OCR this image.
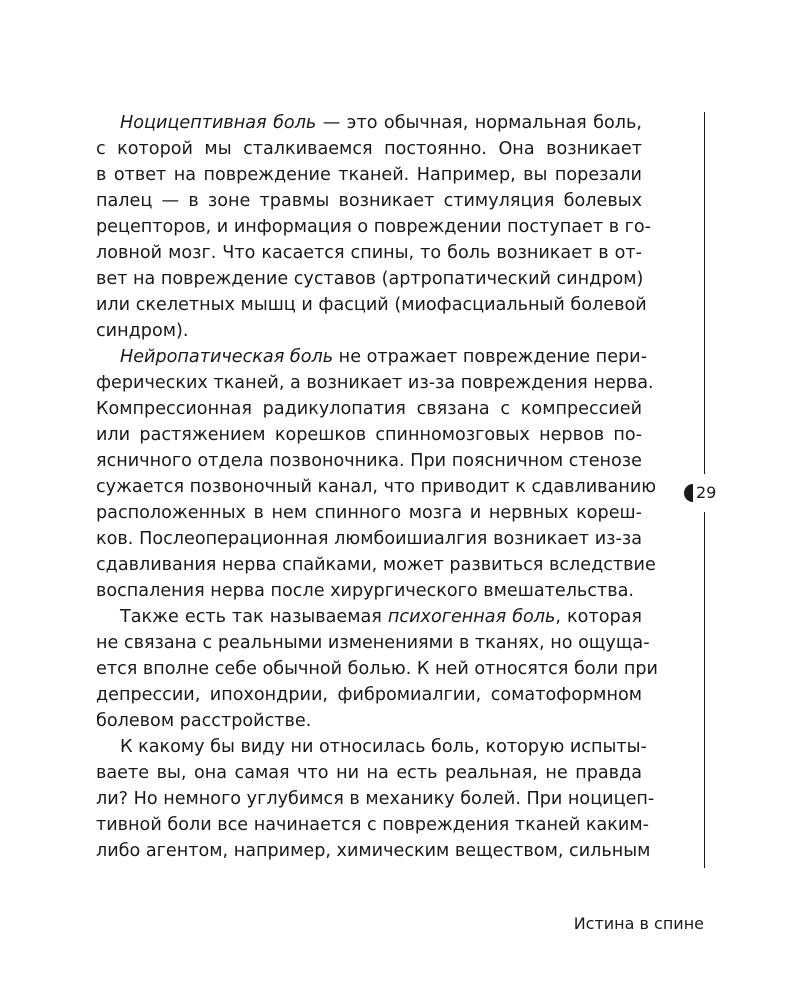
Ноцицептивная боль — это обычная, нормальная боль,
с которой мы сталкиваемся постоянно. Она возникает
в ответ на повреждение тканей. Например, вы порезали
палец — в зоне травмы возникает стимуляция болевых
рецепторов, и информация о повреждении поступает в го-
ловной мозг. Что касается спины, то боль возникает в от-
вет на повреждение суставов (артропатический синдром)
или скелетных мышц и фасций (миофасциальный болевой
синдром).
Нейропатическая боль не отражает повреждение пери-
ферических тканей, а возникает из-за повреждения нерва.
Компрессионная радикулопатия связана с компрессией
или растяжением корешков спинномозговых нервов по-
ясничного отдела позвоночника. При поясничном стенозе
сужается позвоночный канал, что приводит к сдавливанию
расположенных в нем спинного мозга и нервных кореш-
ков. Послеоперационная люмбоишиалгия возникает из-за
сдавливания нерва спайками, может развиться вследствие
воспаления нерва после хирургического вмешательства.
Также есть так называемая психогенная боль, которая
не связана с реальными изменениями в тканях, но ощуща-
ется вполне себе обычной болью. К ней относятся боли при
депрессии, ипохондрии, фибромиалгии, соматоформном
болевом расстройстве.
К какому бы виду ни относилась боль, которую испыты-
ваете вы, она самая что ни на есть реальная, не правда
ли? Но немного углубимся в механику болей. При ноцицеп-
тивной боли все начинается с повреждения тканей каким-
либо агентом, например, химическим веществом, сильным
29
Истина в спине
